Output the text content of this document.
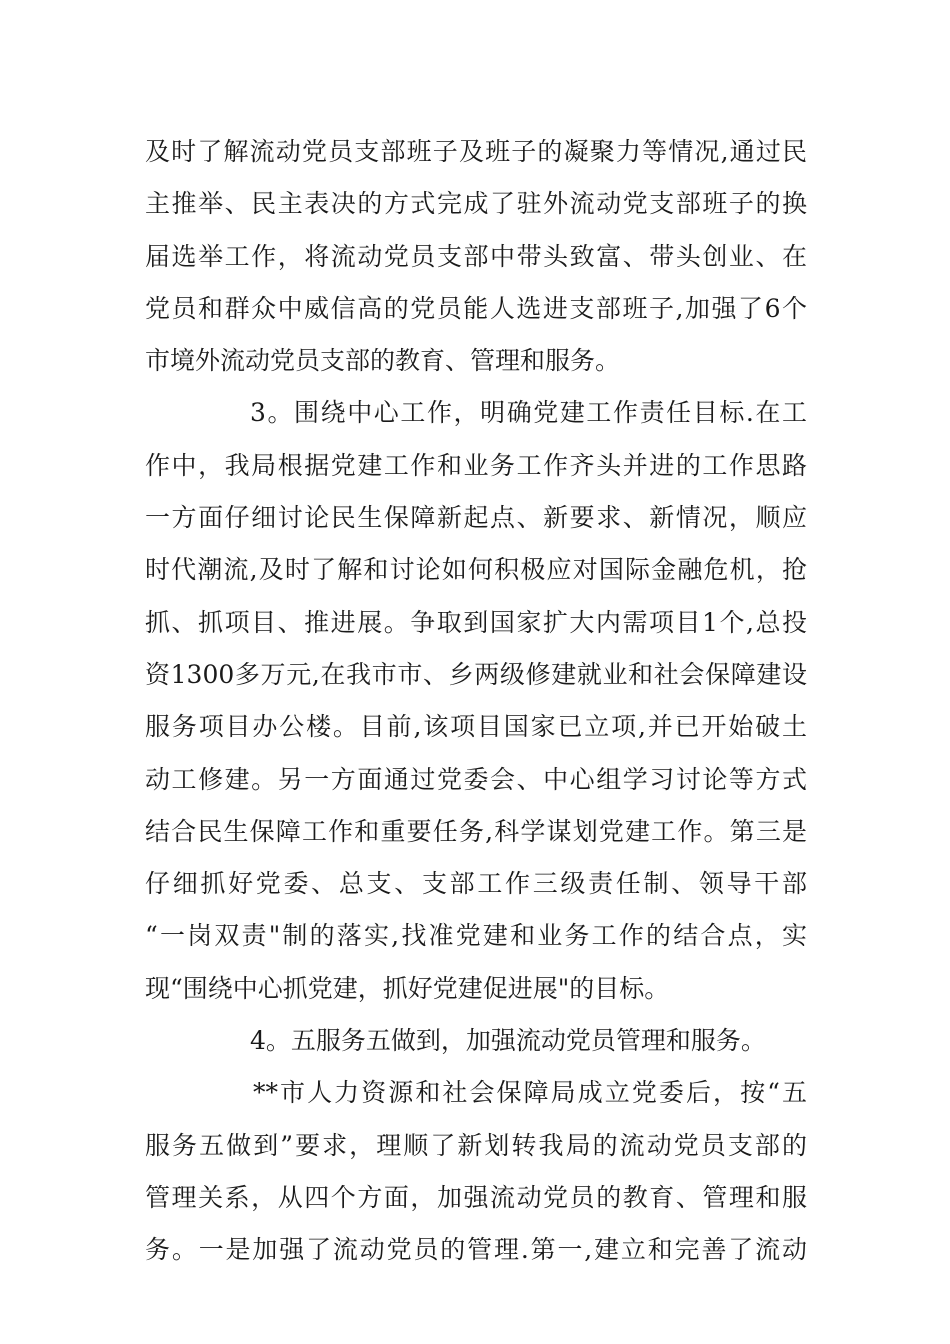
及时了解流动党员支部班子及班子的凝聚力等情况,通过民
主推举、民主表决的方式完成了驻外流动党支部班子的换
届选举工作，将流动党员支部中带头致富、带头创业、在
党员和群众中威信高的党员能人选进支部班子,加强了6个
市境外流动党员支部的教育、管理和服务。
3。围绕中心工作，明确党建工作责任目标.在工
作中，我局根据党建工作和业务工作齐头并进的工作思路
一方面仔细讨论民生保障新起点、新要求、新情况，顺应
时代潮流,及时了解和讨论如何积极应对国际金融危机，抢
抓、抓项目、推进展。争取到国家扩大内需项目1个,总投
资1300多万元,在我市市、乡两级修建就业和社会保障建设
服务项目办公楼。目前,该项目国家已立项,并已开始破土
动工修建。另一方面通过党委会、中心组学习讨论等方式
结合民生保障工作和重要任务,科学谋划党建工作。第三是
仔细抓好党委、总支、支部工作三级责任制、领导干部
“一岗双责"制的落实,找准党建和业务工作的结合点，实
现“围绕中心抓党建，抓好党建促进展"的目标。
4。五服务五做到，加强流动党员管理和服务。
**市人力资源和社会保障局成立党委后，按“五
服务五做到”要求，理顺了新划转我局的流动党员支部的
管理关系，从四个方面，加强流动党员的教育、管理和服
务。一是加强了流动党员的管理.第一,建立和完善了流动
